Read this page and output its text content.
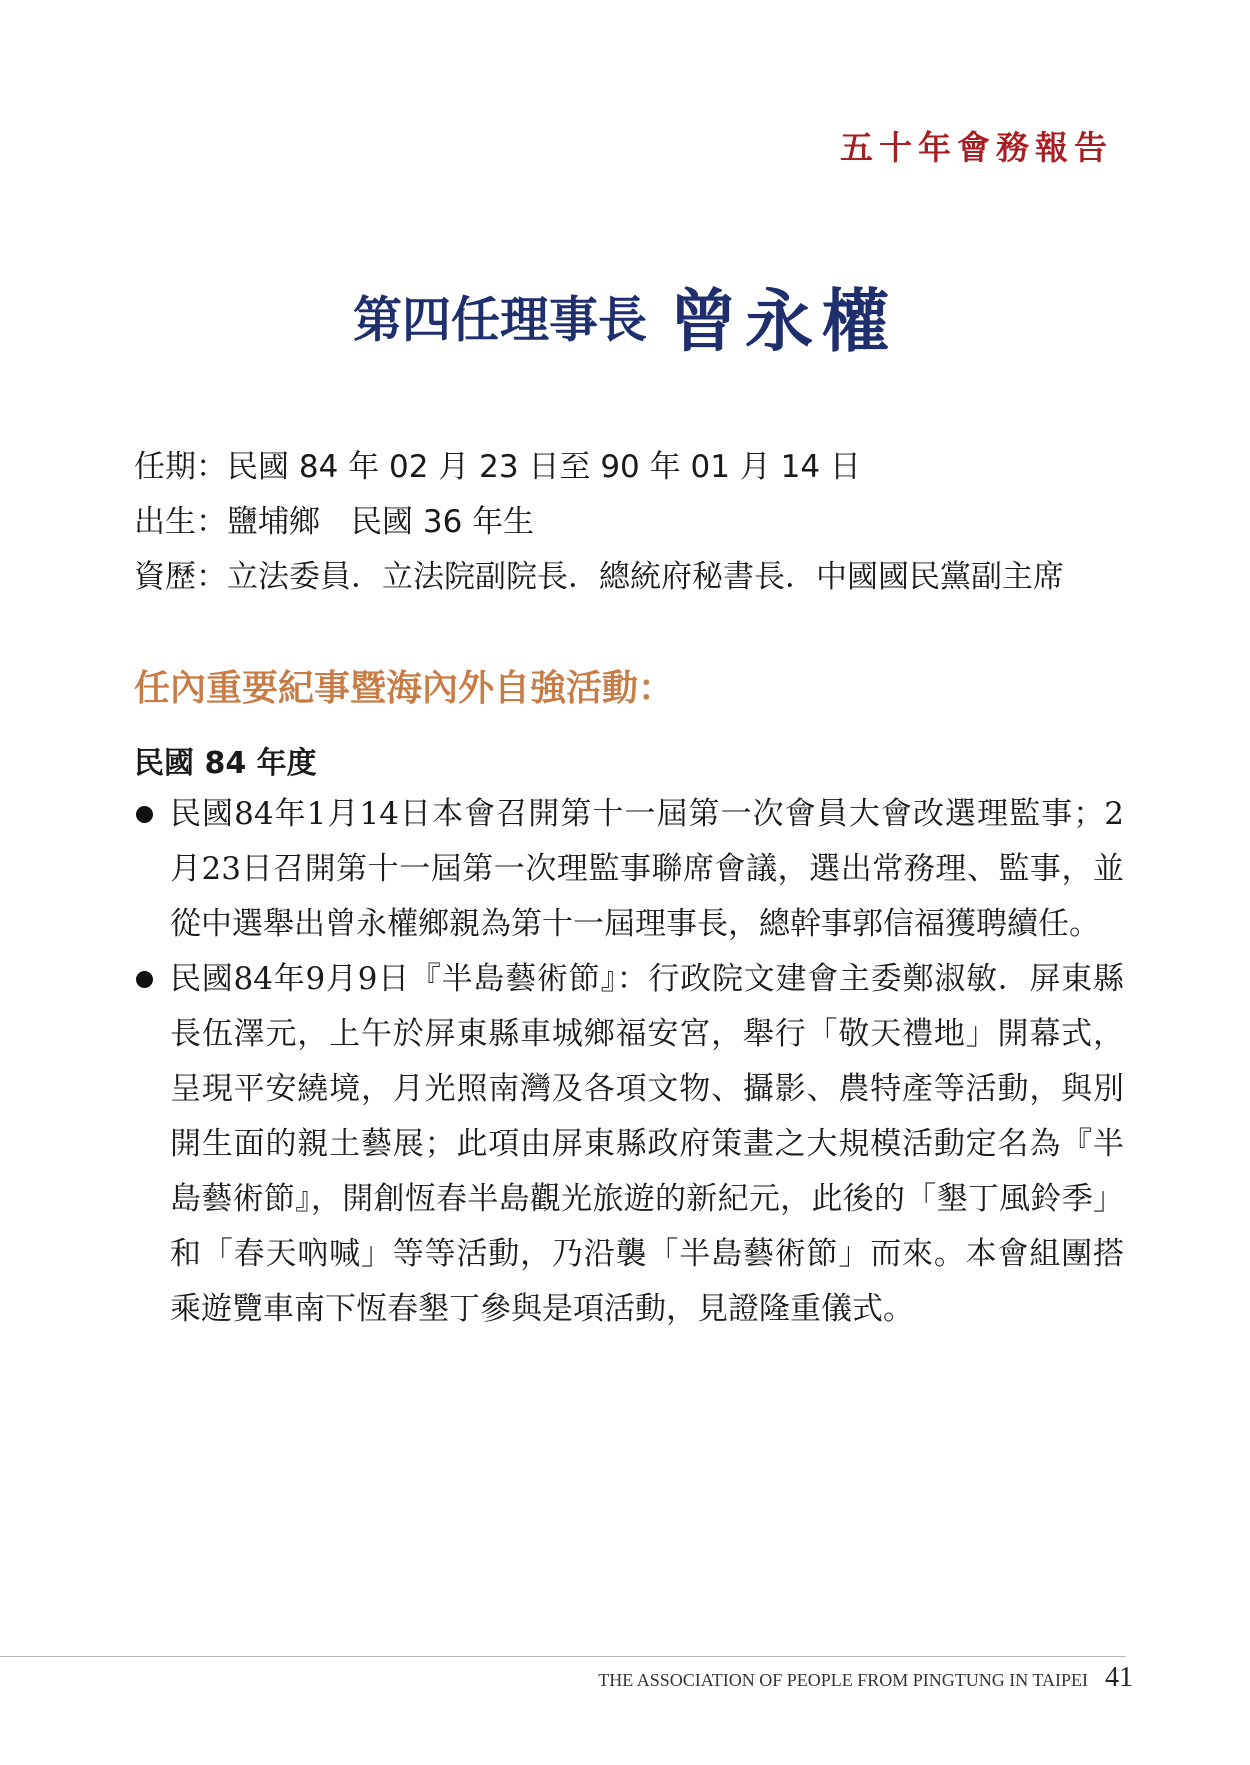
五十年會務報告
第四任理事長 曾永權
任期：民國 84 年 02 月 23 日至 90 年 01 月 14 日
出生：鹽埔鄉　民國 36 年生
資歷：立法委員．立法院副院長．總統府秘書長．中國國民黨副主席
任內重要紀事暨海內外自強活動：
民國 84 年度
民國84年1月14日本會召開第十一屆第一次會員大會改選理監事；2月23日召開第十一屆第一次理監事聯席會議，選出常務理、監事，並從中選舉出曾永權鄉親為第十一屆理事長，總幹事郭信福獲聘續任。
民國84年9月9日『半島藝術節』：行政院文建會主委鄭淑敏．屏東縣長伍澤元，上午於屏東縣車城鄉福安宮，舉行「敬天禮地」開幕式，呈現平安繞境，月光照南灣及各項文物、攝影、農特產等活動，與別開生面的親土藝展；此項由屏東縣政府策畫之大規模活動定名為『半島藝術節』，開創恆春半島觀光旅遊的新紀元，此後的「墾丁風鈴季」和「春天吶喊」等等活動，乃沿襲「半島藝術節」而來。本會組團搭乘遊覽車南下恆春墾丁參與是項活動，見證隆重儀式。
THE ASSOCIATION OF PEOPLE FROM PINGTUNG IN TAIPEI 41
